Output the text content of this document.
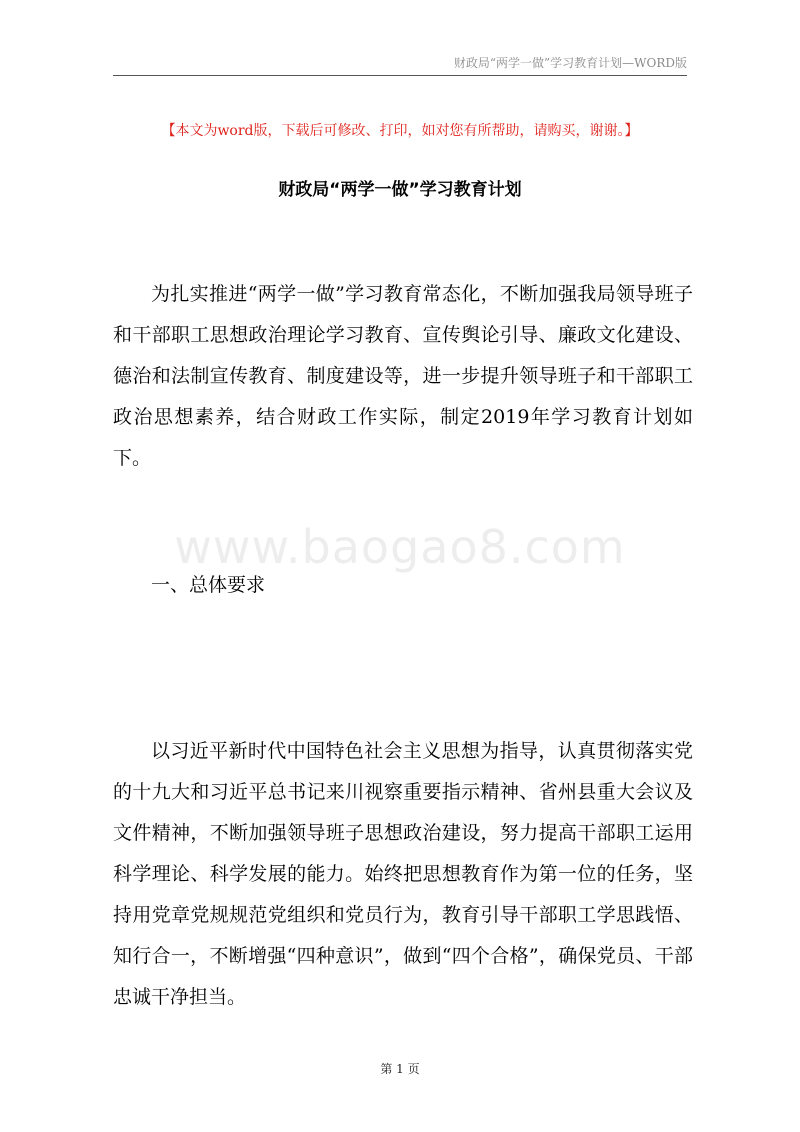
财政局“两学一做”学习教育计划—WORD版
【本文为word版，下载后可修改、打印，如对您有所帮助，请购买，谢谢。】
财政局“两学一做”学习教育计划
为扎实推进“两学一做”学习教育常态化，不断加强我局领导班子和干部职工思想政治理论学习教育、宣传舆论引导、廉政文化建设、德治和法制宣传教育、制度建设等，进一步提升领导班子和干部职工政治思想素养，结合财政工作实际，制定2019年学习教育计划如下。
www.baogao8.com
一、总体要求
以习近平新时代中国特色社会主义思想为指导，认真贯彻落实党的十九大和习近平总书记来川视察重要指示精神、省州县重大会议及文件精神，不断加强领导班子思想政治建设，努力提高干部职工运用科学理论、科学发展的能力。始终把思想教育作为第一位的任务，坚持用党章党规规范党组织和党员行为，教育引导干部职工学思践悟、知行合一，不断增强“四种意识”，做到“四个合格”，确保党员、干部忠诚干净担当。
第 1 页
